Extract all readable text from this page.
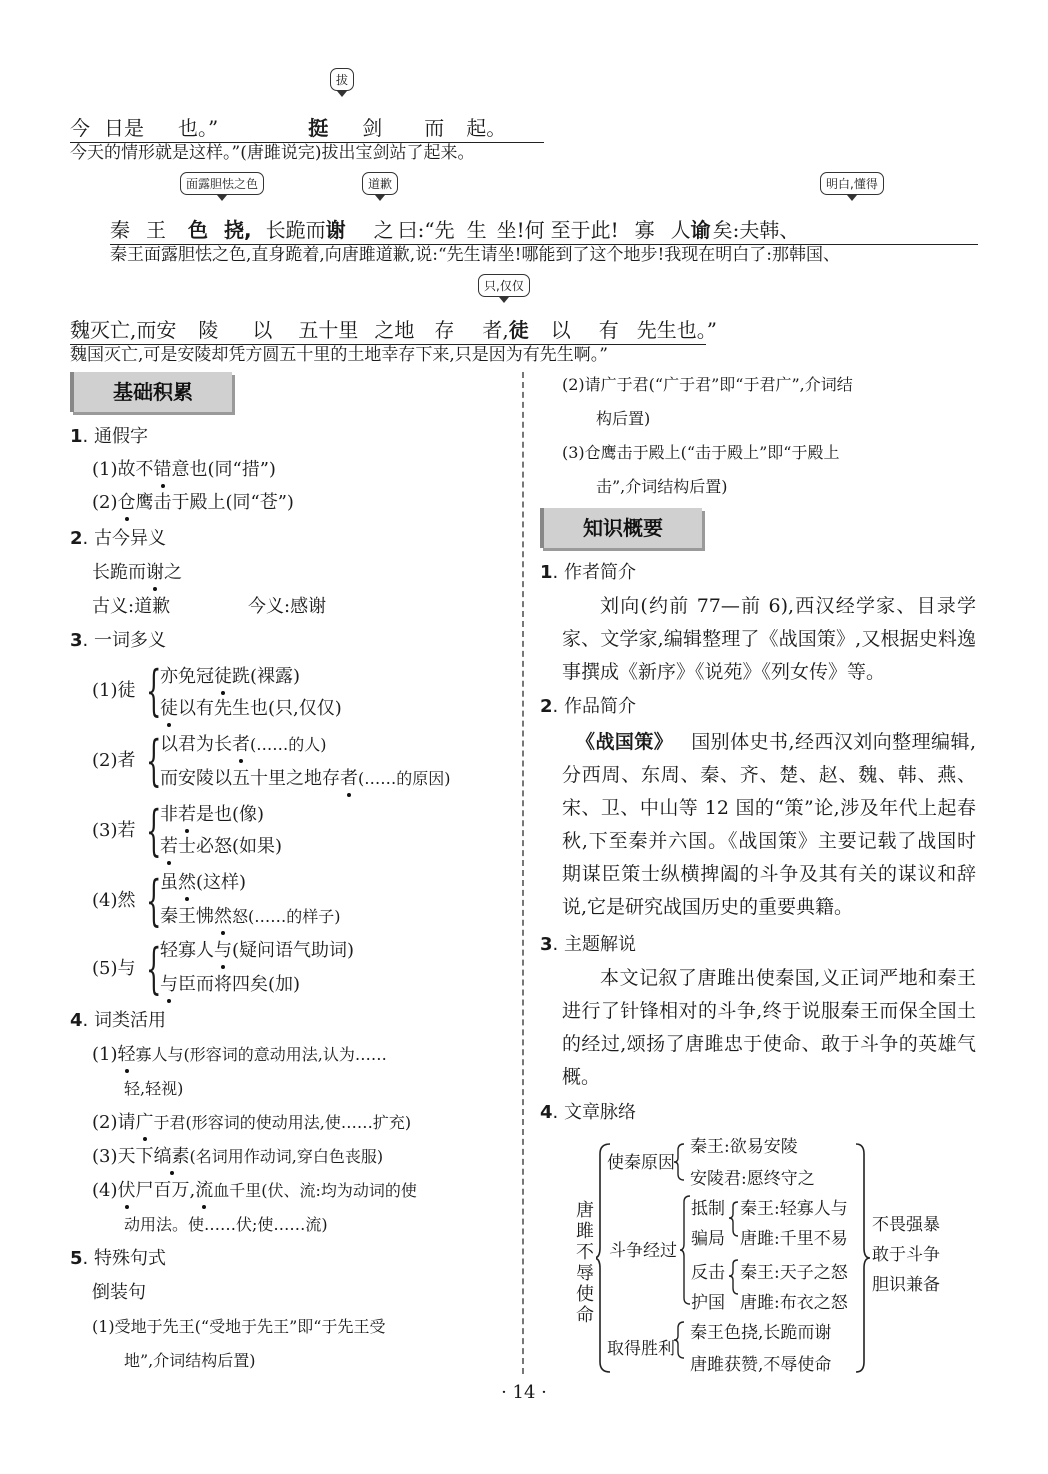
拔
今 日是 也。”	挺 剑 而 起。
今天的情形就是这样。”(唐雎说完)拔出宝剑站了起来。
面露胆怯之色	道歉	明白,懂得
秦 王 色 挠, 长跪而谢 之 曰:“先 生 坐!何 至于此! 寡 人谕 矣:夫韩、
秦王面露胆怯之色,直身跪着,向唐雎道歉,说:“先生请坐!哪能到了这个地步!我现在明白了:那韩国、
只,仅仅
魏灭亡,而安 陵 以 五十里 之地 存 者,徒 以 有 先生也。”
魏国灭亡,可是安陵却凭方圆五十里的土地幸存下来,只是因为有先生啊。”
基础积累
1. 通假字
(1)故不错意也(同“措”)
(2)仓鹰击于殿上(同“苍”)
2. 古今异义
长跪而谢之
古义:道歉	今义:感谢
3. 一词多义
(1)徒 {
亦免冠徒跣(裸露)
徒以有先生也(只,仅仅)
(2)者 {
以君为长者(……的人)
而安陵以五十里之地存者(……的原因)
(3)若 {
非若是也(像)
若士必怒(如果)
(4)然 {
虽然(这样)
秦王怫然怒(……的样子)
(5)与 {
轻寡人与(疑问语气助词)
与臣而将四矣(加)
4. 词类活用
(1)轻寡人与(形容词的意动用法,认为……
轻,轻视)
(2)请广于君(形容词的使动用法,使……扩充)
(3)天下缟素(名词用作动词,穿白色丧服)
(4)伏尸百万,流血千里(伏、流:均为动词的使
动用法。使……伏;使……流)
5. 特殊句式
倒装句
(1)受地于先王(“受地于先王”即“于先王受
地”,介词结构后置)
(2)请广于君(“广于君”即“于君广”,介词结
构后置)
(3)仓鹰击于殿上(“击于殿上”即“于殿上
击”,介词结构后置)
知识概要
1. 作者简介
刘向(约前 77—前 6),西汉经学家、目录学家、文学家,编辑整理了《战国策》,又根据史料逸事撰成《新序》《说苑》《列女传》等。
2. 作品简介
《战国策》 国别体史书,经西汉刘向整理编辑,分西周、东周、秦、齐、楚、赵、魏、韩、燕、宋、卫、中山等 12 国的“策”论,涉及年代上起春秋,下至秦并六国。《战国策》主要记载了战国时期谋臣策士纵横捭阖的斗争及其有关的谋议和辞说,它是研究战国历史的重要典籍。
3. 主题解说
本文记叙了唐雎出使秦国,义正词严地和秦王进行了针锋相对的斗争,终于说服秦王而保全国土的经过,颂扬了唐雎忠于使命、敢于斗争的英雄气概。
4. 文章脉络
唐雎不辱使命
使秦原因
秦王:欲易安陵
安陵君:愿终守之
斗争经过
抵制
骗局
反击
护国
秦王:轻寡人与
唐雎:千里不易
秦王:天子之怒
唐雎:布衣之怒
取得胜利
秦王色挠,长跪而谢
唐雎获赞,不辱使命
不畏强暴
敢于斗争
胆识兼备
· 14 ·
